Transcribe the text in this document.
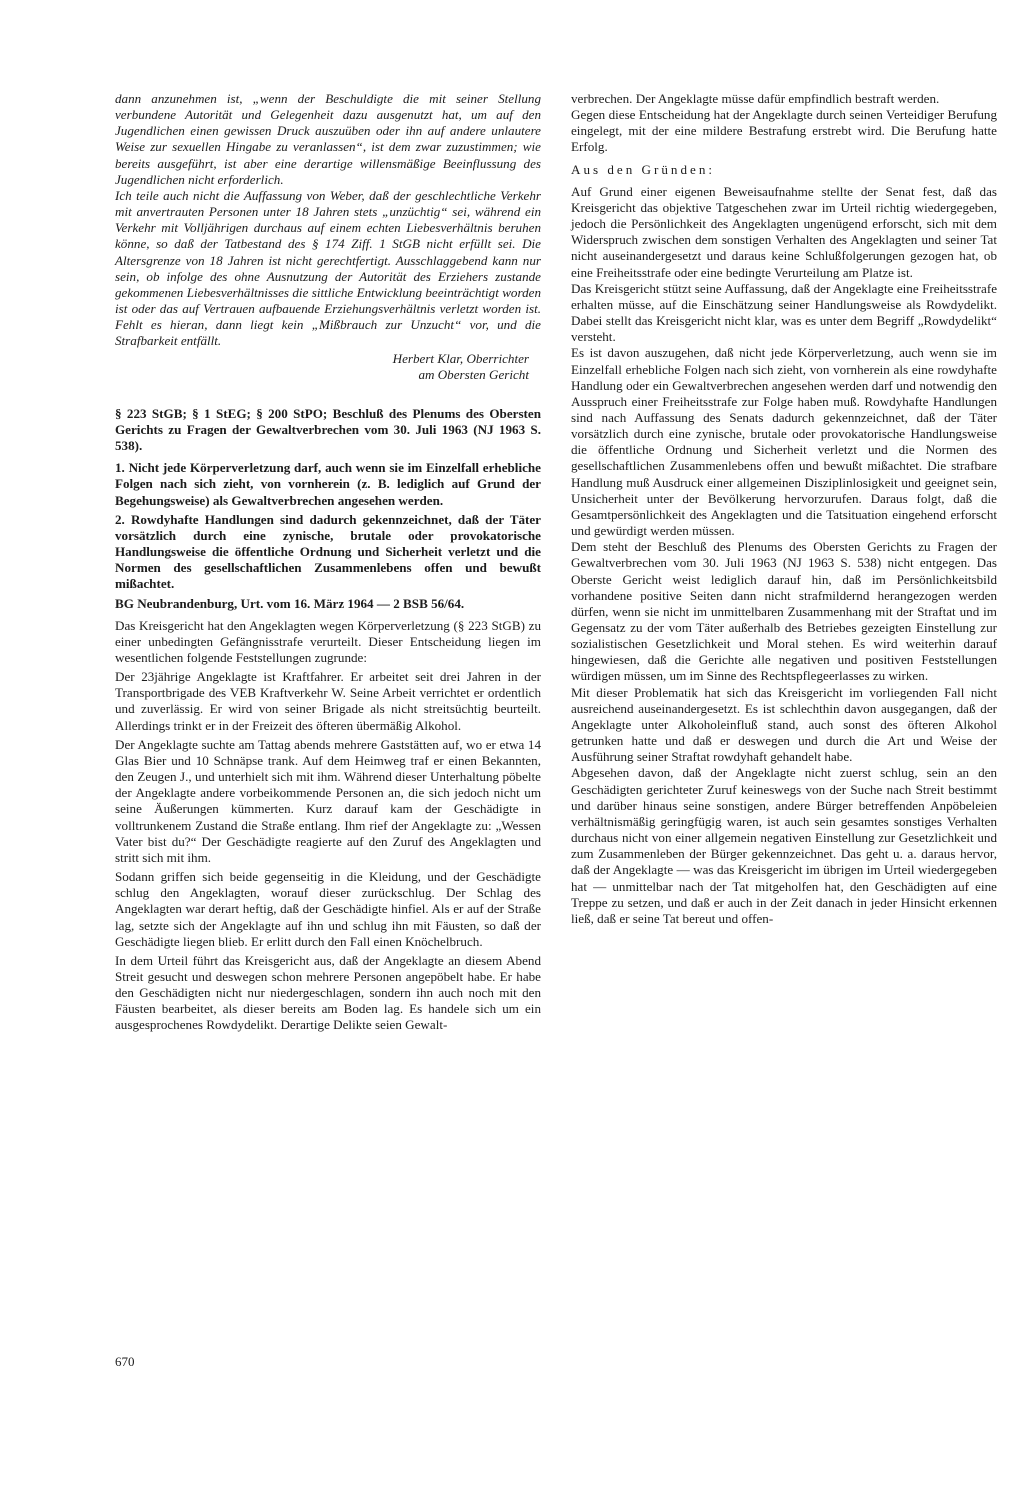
dann anzunehmen ist, „wenn der Beschuldigte die mit seiner Stellung verbundene Autorität und Gelegenheit dazu ausgenutzt hat, um auf den Jugendlichen einen gewissen Druck auszuüben oder ihn auf andere unlautere Weise zur sexuellen Hingabe zu veranlassen“, ist dem zwar zuzustimmen; wie bereits ausgeführt, ist aber eine derartige willensmäßige Beeinflussung des Jugendlichen nicht erforderlich.

Ich teile auch nicht die Auffassung von Weber, daß der geschlechtliche Verkehr mit anvertrauten Personen unter 18 Jahren stets „unzüchtig“ sei, während ein Verkehr mit Volljährigen durchaus auf einem echten Liebesverhältnis beruhen könne, so daß der Tatbestand des § 174 Ziff. 1 StGB nicht erfüllt sei. Die Altersgrenze von 18 Jahren ist nicht gerechtfertigt. Ausschlaggebend kann nur sein, ob infolge des ohne Ausnutzung der Autorität des Erziehers zustande gekommenen Liebesverhältnisses die sittliche Entwicklung beeinträchtigt worden ist oder das auf Vertrauen aufbauende Erziehungsverhältnis verletzt worden ist. Fehlt es hieran, dann liegt kein „Mißbrauch zur Unzucht“ vor, und die Strafbarkeit entfällt.

Herbert Klar, Oberrichter
am Obersten Gericht

§ 223 StGB; § 1 StEG; § 200 StPO; Beschluß des Plenums des Obersten Gerichts zu Fragen der Gewaltverbrechen vom 30. Juli 1963 (NJ 1963 S. 538).

1. Nicht jede Körperverletzung darf, auch wenn sie im Einzelfall erhebliche Folgen nach sich zieht, von vornherein (z. B. lediglich auf Grund der Begehungsweise) als Gewaltverbrechen angesehen werden.

2. Rowdyhafte Handlungen sind dadurch gekennzeichnet, daß der Täter vorsätzlich durch eine zynische, brutale oder provokatorische Handlungsweise die öffentliche Ordnung und Sicherheit verletzt und die Normen des gesellschaftlichen Zusammenlebens offen und bewußt mißachtet.

BG Neubrandenburg, Urt. vom 16. März 1964 — 2 BSB 56/64.

Das Kreisgericht hat den Angeklagten wegen Körperverletzung (§ 223 StGB) zu einer unbedingten Gefängnisstrafe verurteilt. Dieser Entscheidung liegen im wesentlichen folgende Feststellungen zugrunde:

Der 23jährige Angeklagte ist Kraftfahrer. Er arbeitet seit drei Jahren in der Transportbrigade des VEB Kraftverkehr W. Seine Arbeit verrichtet er ordentlich und zuverlässig. Er wird von seiner Brigade als nicht streitsüchtig beurteilt. Allerdings trinkt er in der Freizeit des öfteren übermäßig Alkohol.

Der Angeklagte suchte am Tattag abends mehrere Gaststätten auf, wo er etwa 14 Glas Bier und 10 Schnäpse trank. Auf dem Heimweg traf er einen Bekannten, den Zeugen J., und unterhielt sich mit ihm. Während dieser Unterhaltung pöbelte der Angeklagte andere vorbeikommende Personen an, die sich jedoch nicht um seine Äußerungen kümmerten. Kurz darauf kam der Geschädigte in volltrunkenem Zustand die Straße entlang. Ihm rief der Angeklagte zu: „Wessen Vater bist du?“ Der Geschädigte reagierte auf den Zuruf des Angeklagten und stritt sich mit ihm.

Sodann griffen sich beide gegenseitig in die Kleidung, und der Geschädigte schlug den Angeklagten, worauf dieser zurückschlug. Der Schlag des Angeklagten war derart heftig, daß der Geschädigte hinfiel. Als er auf der Straße lag, setzte sich der Angeklagte auf ihn und schlug ihn mit Fäusten, so daß der Geschädigte liegen blieb. Er erlitt durch den Fall einen Knöchelbruch.

In dem Urteil führt das Kreisgericht aus, daß der Angeklagte an diesem Abend Streit gesucht und deswegen schon mehrere Personen angepöbelt habe. Er habe den Geschädigten nicht nur niedergeschlagen, sondern ihn auch noch mit den Fäusten bearbeitet, als dieser bereits am Boden lag. Es handele sich um ein ausgesprochenes Rowdydelikt. Derartige Delikte seien Gewalt-

verbrechen. Der Angeklagte müsse dafür empfindlich bestraft werden.

Gegen diese Entscheidung hat der Angeklagte durch seinen Verteidiger Berufung eingelegt, mit der eine mildere Bestrafung erstrebt wird. Die Berufung hatte Erfolg.

Aus den Gründen:

Auf Grund einer eigenen Beweisaufnahme stellte der Senat fest, daß das Kreisgericht das objektive Tatgeschehen zwar im Urteil richtig wiedergegeben, jedoch die Persönlichkeit des Angeklagten ungenügend erforscht, sich mit dem Widerspruch zwischen dem sonstigen Verhalten des Angeklagten und seiner Tat nicht auseinandergesetzt und daraus keine Schlußfolgerungen gezogen hat, ob eine Freiheitsstrafe oder eine bedingte Verurteilung am Platze ist.

Das Kreisgericht stützt seine Auffassung, daß der Angeklagte eine Freiheitsstrafe erhalten müsse, auf die Einschätzung seiner Handlungsweise als Rowdydelikt. Dabei stellt das Kreisgericht nicht klar, was es unter dem Begriff „Rowdydelikt“ versteht.

Es ist davon auszugehen, daß nicht jede Körperverletzung, auch wenn sie im Einzelfall erhebliche Folgen nach sich zieht, von vornherein als eine rowdyhafte Handlung oder ein Gewaltverbrechen angesehen werden darf und notwendig den Ausspruch einer Freiheitsstrafe zur Folge haben muß. Rowdyhafte Handlungen sind nach Auffassung des Senats dadurch gekennzeichnet, daß der Täter vorsätzlich durch eine zynische, brutale oder provokatorische Handlungsweise die öffentliche Ordnung und Sicherheit verletzt und die Normen des gesellschaftlichen Zusammenlebens offen und bewußt mißachtet. Die strafbare Handlung muß Ausdruck einer allgemeinen Disziplinlosigkeit und geeignet sein, Unsicherheit unter der Bevölkerung hervorzurufen. Daraus folgt, daß die Gesamtpersönlichkeit des Angeklagten und die Tatsituation eingehend erforscht und gewürdigt werden müssen.

Dem steht der Beschluß des Plenums des Obersten Gerichts zu Fragen der Gewaltverbrechen vom 30. Juli 1963 (NJ 1963 S. 538) nicht entgegen. Das Oberste Gericht weist lediglich darauf hin, daß im Persönlichkeitsbild vorhandene positive Seiten dann nicht strafmildernd herangezogen werden dürfen, wenn sie nicht im unmittelbaren Zusammenhang mit der Straftat und im Gegensatz zu der vom Täter außerhalb des Betriebes gezeigten Einstellung zur sozialistischen Gesetzlichkeit und Moral stehen. Es wird weiterhin darauf hingewiesen, daß die Gerichte alle negativen und positiven Feststellungen würdigen müssen, um im Sinne des Rechtspflegeerlasses zu wirken.

Mit dieser Problematik hat sich das Kreisgericht im vorliegenden Fall nicht ausreichend auseinandergesetzt. Es ist schlechthin davon ausgegangen, daß der Angeklagte unter Alkoholeinfluß stand, auch sonst des öfteren Alkohol getrunken hatte und daß er deswegen und durch die Art und Weise der Ausführung seiner Straftat rowdyhaft gehandelt habe.

Abgesehen davon, daß der Angeklagte nicht zuerst schlug, sein an den Geschädigten gerichteter Zuruf keineswegs von der Suche nach Streit bestimmt und darüber hinaus seine sonstigen, andere Bürger betreffenden Anpöbeleien verhältnismäßig geringfügig waren, ist auch sein gesamtes sonstiges Verhalten durchaus nicht von einer allgemein negativen Einstellung zur Gesetzlichkeit und zum Zusammenleben der Bürger gekennzeichnet. Das geht u. a. daraus hervor, daß der Angeklagte — was das Kreisgericht im übrigen im Urteil wiedergegeben hat — unmittelbar nach der Tat mitgeholfen hat, den Geschädigten auf eine Treppe zu setzen, und daß er auch in der Zeit danach in jeder Hinsicht erkennen ließ, daß er seine Tat bereut und offen-

670
